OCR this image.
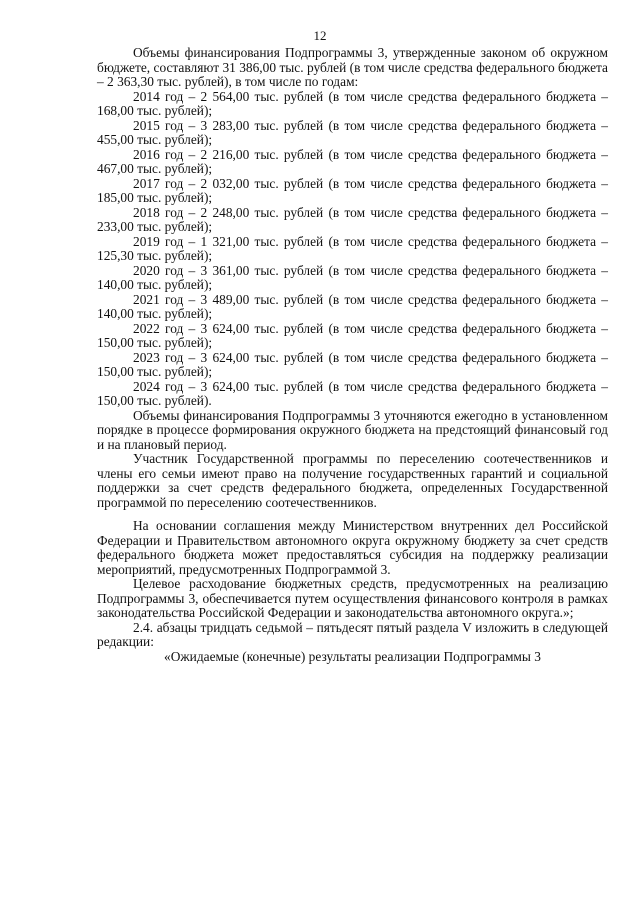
12

Объемы финансирования Подпрограммы 3, утвержденные законом об окружном бюджете, составляют 31 386,00 тыс. рублей (в том числе средства федерального бюджета – 2 363,30 тыс. рублей), в том числе по годам:

2014 год – 2 564,00 тыс. рублей (в том числе средства федерального бюджета – 168,00 тыс. рублей);

2015 год – 3 283,00 тыс. рублей (в том числе средства федерального бюджета – 455,00 тыс. рублей);

2016 год – 2 216,00 тыс. рублей (в том числе средства федерального бюджета – 467,00 тыс. рублей);

2017 год – 2 032,00 тыс. рублей (в том числе средства федерального бюджета – 185,00 тыс. рублей);

2018 год – 2 248,00 тыс. рублей (в том числе средства федерального бюджета – 233,00 тыс. рублей);

2019 год – 1 321,00 тыс. рублей (в том числе средства федерального бюджета – 125,30 тыс. рублей);

2020 год – 3 361,00 тыс. рублей (в том числе средства федерального бюджета – 140,00 тыс. рублей);

2021 год – 3 489,00 тыс. рублей (в том числе средства федерального бюджета – 140,00 тыс. рублей);

2022 год – 3 624,00 тыс. рублей (в том числе средства федерального бюджета – 150,00 тыс. рублей);

2023 год – 3 624,00 тыс. рублей (в том числе средства федерального бюджета – 150,00 тыс. рублей);

2024 год – 3 624,00 тыс. рублей (в том числе средства федерального бюджета – 150,00 тыс. рублей).

Объемы финансирования Подпрограммы 3 уточняются ежегодно в установленном порядке в процессе формирования окружного бюджета на предстоящий финансовый год и на плановый период.

Участник Государственной программы по переселению соотечественников и члены его семьи имеют право на получение государственных гарантий и социальной поддержки за счет средств федерального бюджета, определенных Государственной программой по переселению соотечественников.

На основании соглашения между Министерством внутренних дел Российской Федерации и Правительством автономного округа окружному бюджету за счет средств федерального бюджета может предоставляться субсидия на поддержку реализации мероприятий, предусмотренных Подпрограммой 3.

Целевое расходование бюджетных средств, предусмотренных на реализацию Подпрограммы 3, обеспечивается путем осуществления финансового контроля в рамках законодательства Российской Федерации и законодательства автономного округа.»;

2.4. абзацы тридцать седьмой – пятьдесят пятый раздела V изложить в следующей редакции:

«Ожидаемые (конечные) результаты реализации Подпрограммы 3
